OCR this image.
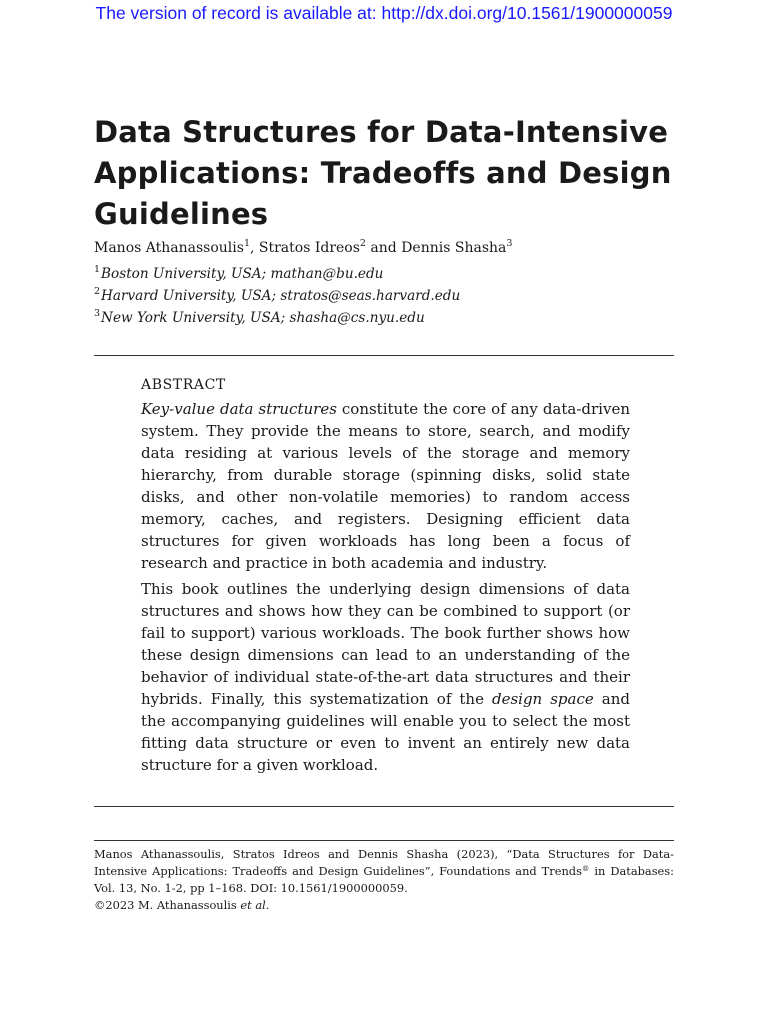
The version of record is available at: http://dx.doi.org/10.1561/1900000059
Data Structures for Data-Intensive
Applications: Tradeoffs and Design
Guidelines
Manos Athanassoulis$^1$, Stratos Idreos$^2$ and Dennis Shasha$^3$
$^1$Boston University, USA; mathan@bu.edu
$^2$Harvard University, USA; stratos@seas.harvard.edu
$^3$New York University, USA; shasha@cs.nyu.edu
ABSTRACT

Key-value data structures constitute the core of any data-driven system. They provide the means to store, search, and modify data residing at various levels of the storage and memory hierarchy, from durable storage (spinning disks, solid state disks, and other non-volatile memories) to random access memory, caches, and registers. Designing efficient data structures for given workloads has long been a focus of research and practice in both academia and industry.

This book outlines the underlying design dimensions of data structures and shows how they can be combined to support (or fail to support) various workloads. The book further shows how these design dimensions can lead to an understanding of the behavior of individual state-of-the-art data structures and their hybrids. Finally, this systematization of the design space and the accompanying guidelines will enable you to select the most fitting data structure or even to invent an entirely new data structure for a given workload.

Manos Athanassoulis, Stratos Idreos and Dennis Shasha (2023), “Data Structures for Data-Intensive Applications: Tradeoffs and Design Guidelines”, Foundations and Trends® in Databases: Vol. 13, No. 1-2, pp 1–168. DOI: 10.1561/1900000059.
©2023 M. Athanassoulis et al.
